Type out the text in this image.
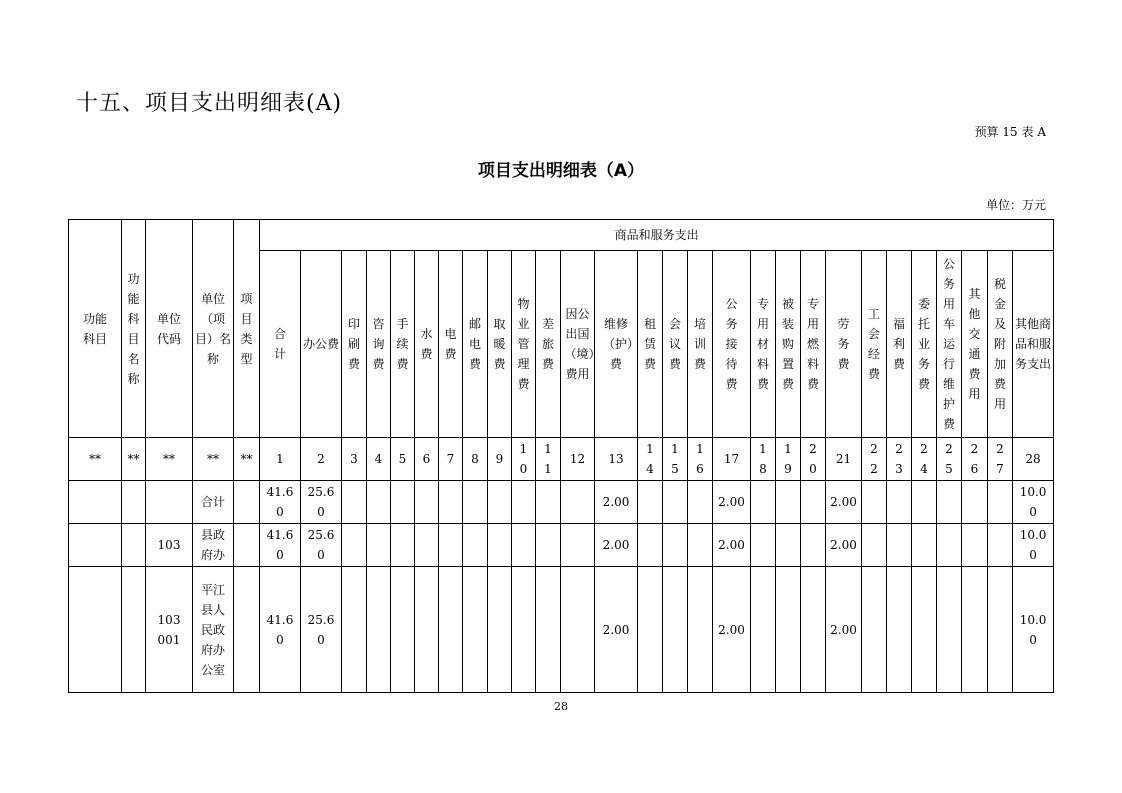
十五、项目支出明细表(A)
预算 15 表 A
项目支出明细表（A）
单位：万元
功能科目	功能科目名称	单位代码	单位（项目）名称	项目类型	商品和服务支出																											

					合计	办公费	印刷费	咨询费	手续费	水费	电费	邮电费	取暖费	物业管理费	差旅费	因公出国（境）费用	维修（护）费	租赁费	会议费	培训费	公务接待费	专用材料费	被装购置费	专用燃料费	劳务费	工会经费	福利费	委托业务费	公务用车运行维护费	其他交通费用	税金及附加费用	其他商品和服务支出

**	**	**	**	**	1	2	3	4	5	6	7	8	9	10	11	12	13	14	15	16	17	18	19	20	21	22	23	24	25	26	27	28
			合计		41.60	25.60											2.00				2.00				2.00							10.00

		103	县政府办		41.60	25.60											2.00				2.00				2.00							10.00

		103001	平江县人民政府办公室		41.60	25.60											2.00				2.00				2.00							10.00
28
